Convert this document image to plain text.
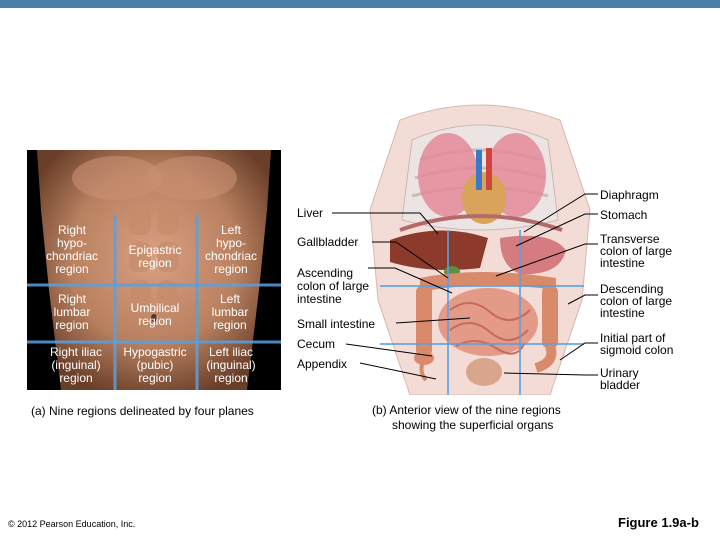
Right
hypo-
chondriac
region
Epigastric
region
Left
hypo-
chondriac
region
Right
lumbar
region
Umbilical
region
Left
lumbar
region
Right iliac
(inguinal)
region
Hypogastric
(pubic)
region
Left iliac
(inguinal)
region
Liver
Gallbladder
Ascending
colon of large
intestine
Small intestine
Cecum
Appendix
Diaphragm
Stomach
Transverse
colon of large
intestine
Descending
colon of large
intestine
Initial part of
sigmoid colon
Urinary
bladder
(a) Nine regions delineated by four planes	(b) Anterior view of the nine regions
showing the superficial organs
© 2012 Pearson Education, Inc.	Figure 1.9a-b
